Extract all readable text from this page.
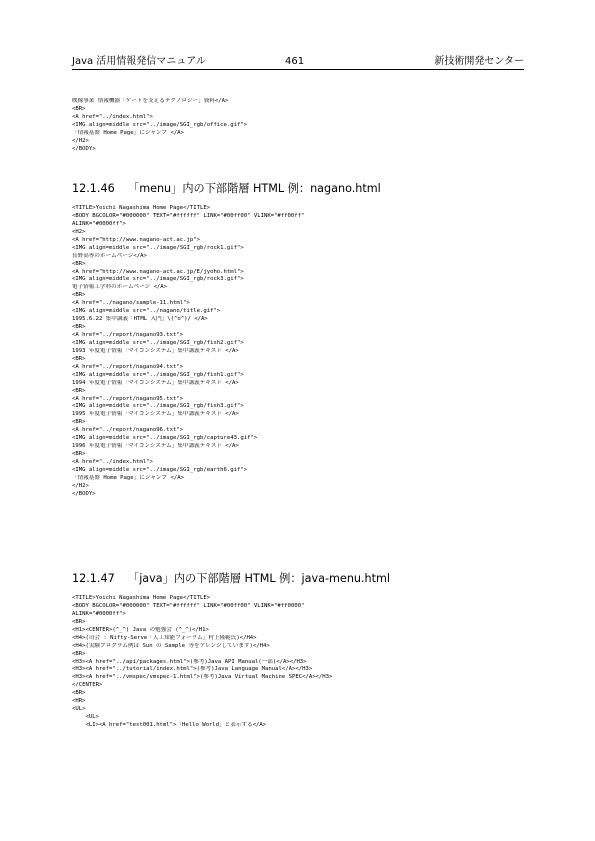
Java 活用情報発信マニュアル	461	新技術開発センター
映像事業 情報機器「ゲートを支えるテクノロジー」資料</A>
<BR>
<A href="../index.html">
<IMG align=middle src="../image/SGI_rgb/office.gif">
「情報基盤 Home Page」にジャンプ </A>
</H2>
</BODY>
12.1.46 「menu」内の下部階層 HTML 例：nagano.html
<TITLE>Yoichi Nagashima Home Page</TITLE>
<BODY BGCOLOR="#000000" TEXT="#ffffff" LINK="#00ff00" VLINK="#ff00ff"
ALINK="#0000ff">
<H2>
<A href="http://www.nagano-act.ac.jp">
<IMG align=middle src="../image/SGI_rgb/rock1.gif">
長野高専のホームページ</A>
<BR>
<A href="http://www.nagano-act.ac.jp/E/jyoho.html">
<IMG align=middle src="../image/SGI_rgb/rock3.gif">
電子情報工学科のホームページ </A>
<BR>
<A href="../nagano/sample-11.html">
<IMG align=middle src="../nagano/title.gif">
1995.6.22 集中講義「HTML 入門」\(^o^)/ </A>
<BR>
<A href="../report/nagano93.txt">
<IMG align=middle src="../image/SGI_rgb/fish2.gif">
1993 年度電子情報「マイコンシステム」集中講義テキスト </A>
<BR>
<A href="../report/nagano94.txt">
<IMG align=middle src="../image/SGI_rgb/fish1.gif">
1994 年度電子情報「マイコンシステム」集中講義テキスト </A>
<BR>
<A href="../report/nagano95.txt">
<IMG align=middle src="../image/SGI_rgb/fish3.gif">
1995 年度電子情報「マイコンシステム」集中講義テキスト </A>
<BR>
<A href="../report/nagano96.txt">
<IMG align=middle src="../image/SGI_rgb/capture43.gif">
1996 年度電子情報「マイコンシステム」集中講義テキスト </A>
<BR>
<A href="../index.html">
<IMG align=middle src="../image/SGI_rgb/earth6.gif">
「情報基盤 Home Page」にジャンプ </A>
</H2>
</BODY>
12.1.47 「java」内の下部階層 HTML 例：java-menu.html
<TITLE>Yoichi Nagashima Home Page</TITLE>
<BODY BGCOLOR="#000000" TEXT="#ffffff" LINK="#00ff00" VLINK="#ff0000"
ALINK="#0000ff">
<BR>
<H1><CENTER>(^_^) Java の勉強会 (^_^)</H1>
<H4>(司会 : Nifty-Serve「人工知能フォーラム」村上隆範氏)</H4>
<H4>(実験プログラム例は Sun の Sample 等をアレンジしています)</H4>
<BR>
<H3><A href="../api/packages.html">(参考)Java API Manual(一部)</A></H3>
<H3><A href="../tutorial/index.html">(参考)Java Language Manual</A></H3>
<H3><A href="../vmspec/vmspec-1.html">(参考)Java Virtual Machine SPEC</A></H3>
</CENTER>
<BR>
<HR>
<UL>
<UL>
<LI><A href="test001.html">「Hello World」と表示する</A>
